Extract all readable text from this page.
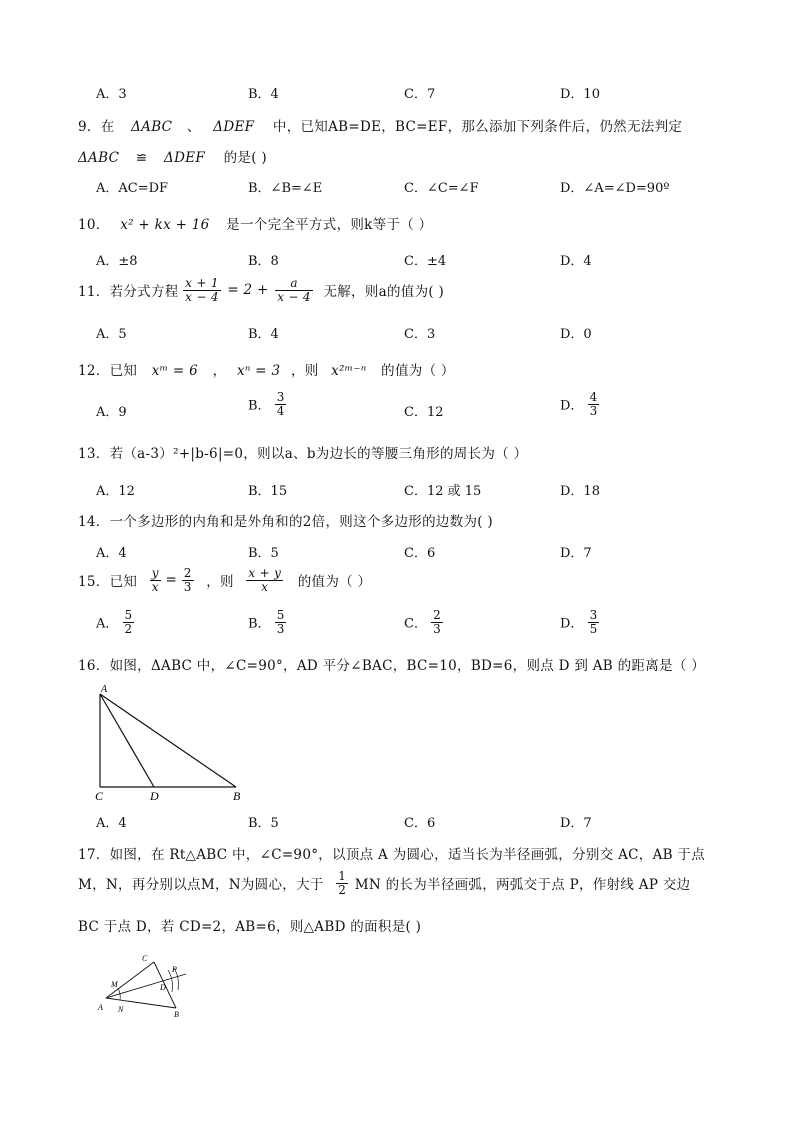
A．3	B．4	C．7	D．10
9．在 ΔABC 、 ΔDEF 中，已知AB=DE，BC=EF，那么添加下列条件后，仍然无法判定
ΔABC ≌ ΔDEF 的是( )
A．AC=DF	B．∠B=∠E	C．∠C=∠F	D．∠A=∠D=90º
10． x² + kx + 16 是一个完全平方式，则k等于（ ）
A．±8	B．8	C．±4	D．4
11．若分式方程 $\frac{x + 1}{x - 4} = 2 + \frac{a}{x - 4}$ 无解，则a的值为( )
A．5	B．4	C．3	D．0
12．已知 xᵐ = 6 ， xⁿ = 3 ，则 x²ᵐ⁻ⁿ 的值为（ ）
A．9	B． $\frac{3}{4}$	C．12	D． $\frac{4}{3}$
13．若（a-3）²+|b-6|=0，则以a、b为边长的等腰三角形的周长为（ ）
A．12	B．15	C．12 或 15	D．18
14．一个多边形的内角和是外角和的2倍，则这个多边形的边数为( )
A．4	B．5	C．6	D．7
15．已知 $\frac{y}{x} = \frac{2}{3}$ ，则 $\frac{x + y}{x}$ 的值为（ ）
A． $\frac{5}{2}$	B． $\frac{5}{3}$	C． $\frac{2}{3}$	D． $\frac{3}{5}$
16．如图，ΔABC 中，∠C=90°，AD 平分∠BAC，BC=10，BD=6，则点 D 到 AB 的距离是（ ）
A
C	D	B
A．4	B．5	C．6	D．7
17．如图，在 Rt△ABC 中，∠C=90°，以顶点 A 为圆心，适当长为半径画弧，分别交 AC，AB 于点
M，N，再分别以点M，N为圆心，大于 $\frac{1}{2}$ MN 的长为半径画弧，两弧交于点 P，作射线 AP 交边
BC 于点 D，若 CD=2，AB=6，则△ABD 的面积是( )
C
P
M	D
A N
B
